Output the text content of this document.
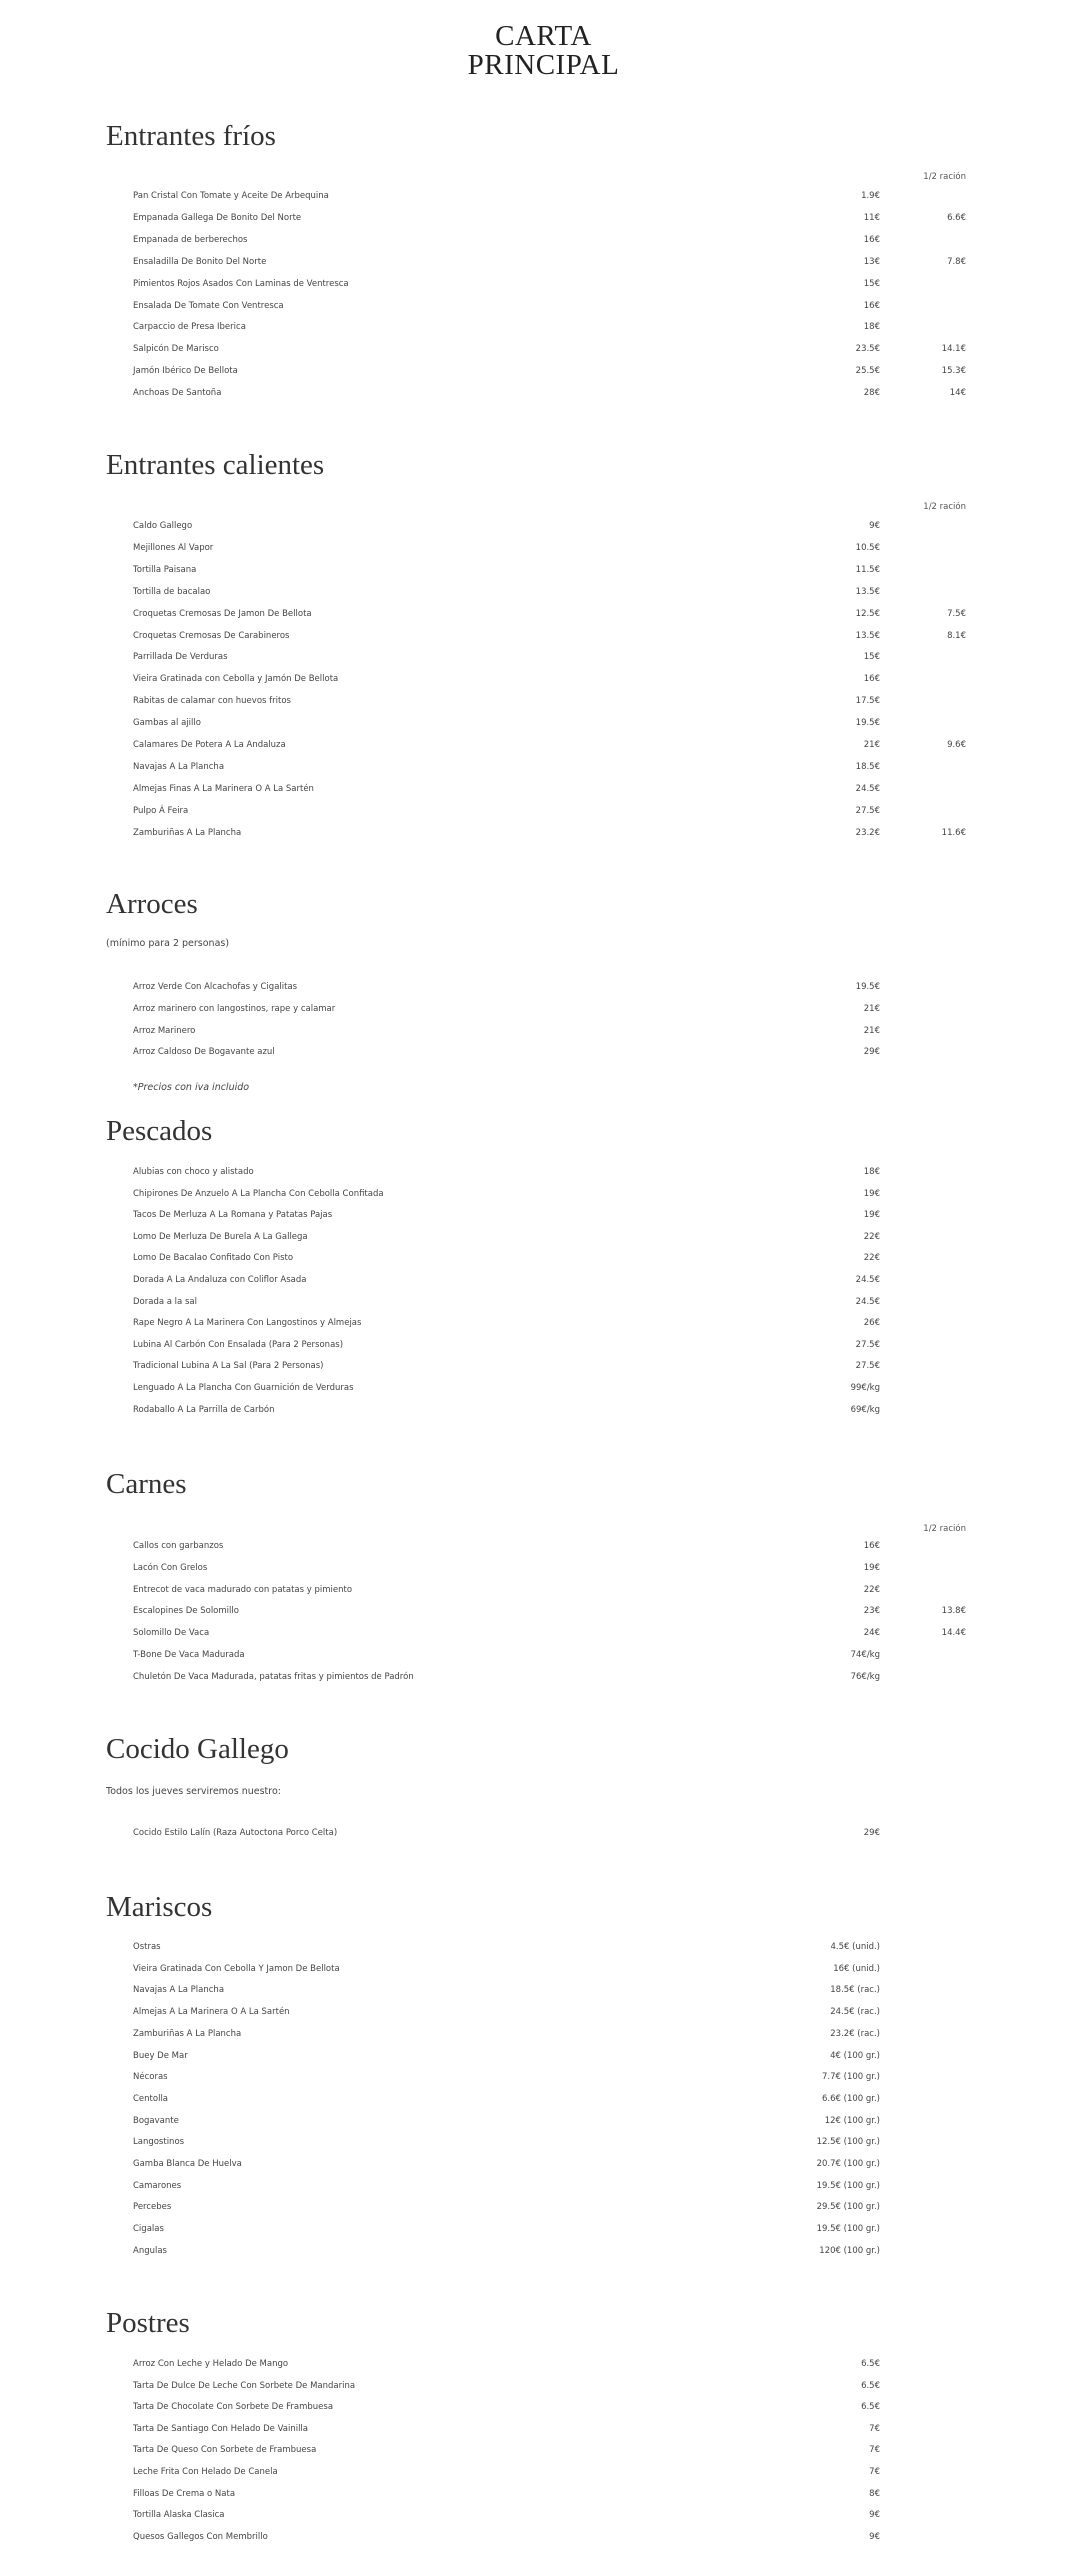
CARTA
PRINCIPAL
Entrantes fríos
1/2 ración
Pan Cristal Con Tomate y Aceite De Arbequina	1.9€
Empanada Gallega De Bonito Del Norte	11€	6.6€
Empanada de berberechos	16€
Ensaladilla De Bonito Del Norte	13€	7.8€
Pimientos Rojos Asados Con Laminas de Ventresca	15€
Ensalada De Tomate Con Ventresca	16€
Carpaccio de Presa Iberica	18€
Salpicón De Marisco	23.5€	14.1€
Jamón Ibérico De Bellota	25.5€	15.3€
Anchoas De Santoña	28€	14€
Entrantes calientes
1/2 ración
Caldo Gallego	9€
Mejillones Al Vapor	10.5€
Tortilla Paisana	11.5€
Tortilla de bacalao	13.5€
Croquetas Cremosas De Jamon De Bellota	12.5€	7.5€
Croquetas Cremosas De Carabineros	13.5€	8.1€
Parrillada De Verduras	15€
Vieira Gratinada con Cebolla y Jamón De Bellota	16€
Rabitas de calamar con huevos fritos	17.5€
Gambas al ajillo	19.5€
Calamares De Potera A La Andaluza	21€	9.6€
Navajas A La Plancha	18.5€
Almejas Finas A La Marinera O A La Sartén	24.5€
Pulpo Á Feira	27.5€
Zamburiñas A La Plancha	23.2€	11.6€
Arroces
(mínimo para 2 personas)
Arroz Verde Con Alcachofas y Cigalitas	19.5€
Arroz marinero con langostinos, rape y calamar	21€
Arroz Marinero	21€
Arroz Caldoso De Bogavante azul	29€
*Precios con iva incluido
Pescados
Alubias con choco y alistado	18€
Chipirones De Anzuelo A La Plancha Con Cebolla Confitada	19€
Tacos De Merluza A La Romana y Patatas Pajas	19€
Lomo De Merluza De Burela A La Gallega	22€
Lomo De Bacalao Confitado Con Pisto	22€
Dorada A La Andaluza con Coliflor Asada	24.5€
Dorada a la sal	24.5€
Rape Negro A La Marinera Con Langostinos y Almejas	26€
Lubina Al Carbón Con Ensalada (Para 2 Personas)	27.5€
Tradicional Lubina A La Sal (Para 2 Personas)	27.5€
Lenguado A La Plancha Con Guarnición de Verduras	99€/kg
Rodaballo A La Parrilla de Carbón	69€/kg
Carnes
1/2 ración
Callos con garbanzos	16€
Lacón Con Grelos	19€
Entrecot de vaca madurado con patatas y pimiento	22€
Escalopines De Solomillo	23€	13.8€
Solomillo De Vaca	24€	14.4€
T-Bone De Vaca Madurada	74€/kg
Chuletón De Vaca Madurada, patatas fritas y pimientos de Padrón	76€/kg
Cocido Gallego
Todos los jueves serviremos nuestro:
Cocido Estilo Lalín (Raza Autoctona Porco Celta)	29€
Mariscos
Ostras	4.5€ (unid.)
Vieira Gratinada Con Cebolla Y Jamon De Bellota	16€ (unid.)
Navajas A La Plancha	18.5€ (rac.)
Almejas A La Marinera O A La Sartén	24.5€ (rac.)
Zamburiñas A La Plancha	23.2€ (rac.)
Buey De Mar	4€ (100 gr.)
Nécoras	7.7€ (100 gr.)
Centolla	6.6€ (100 gr.)
Bogavante	12€ (100 gr.)
Langostinos	12.5€ (100 gr.)
Gamba Blanca De Huelva	20.7€ (100 gr.)
Camarones	19.5€ (100 gr.)
Percebes	29.5€ (100 gr.)
Cigalas	19.5€ (100 gr.)
Angulas	120€ (100 gr.)
Postres
Arroz Con Leche y Helado De Mango	6.5€
Tarta De Dulce De Leche Con Sorbete De Mandarina	6.5€
Tarta De Chocolate Con Sorbete De Frambuesa	6.5€
Tarta De Santiago Con Helado De Vainilla	7€
Tarta De Queso Con Sorbete de Frambuesa	7€
Leche Frita Con Helado De Canela	7€
Filloas De Crema o Nata	8€
Tortilla Alaska Clasica	9€
Quesos Gallegos Con Membrillo	9€
